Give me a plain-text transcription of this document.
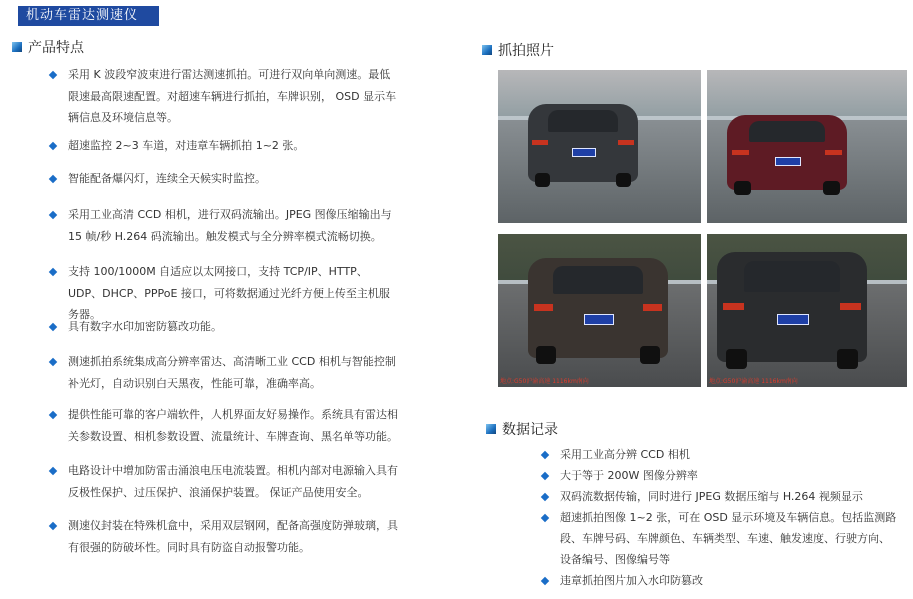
机动车雷达测速仪
产品特点
采用 K 波段窄波束进行雷达测速抓拍。可进行双向单向测速。最低限速最高限速配置。对超速车辆进行抓拍，车牌识别， OSD 显示车辆信息及环境信息等。
超速监控 2~3 车道，对违章车辆抓拍 1~2 张。
智能配备爆闪灯，连续全天候实时监控。
采用工业高清 CCD 相机，进行双码流输出。JPEG 图像压缩输出与 15 帧/秒 H.264 码流输出。触发模式与全分辨率模式流畅切换。
支持 100/1000M 自适应以太网接口，支持 TCP/IP、HTTP、UDP、DHCP、PPPoE 接口，可将数据通过光纤方便上传至主机服务器。
具有数字水印加密防篡改功能。
测速抓拍系统集成高分辨率雷达、高清晰工业 CCD 相机与智能控制补光灯，自动识别白天黑夜，性能可靠，准确率高。
提供性能可靠的客户端软件，人机界面友好易操作。系统具有雷达相关参数设置、相机参数设置、流量统计、车牌查询、黑名单等功能。
电路设计中增加防雷击涌浪电压电流装置。相机内部对电源输入具有反极性保护、过压保护、浪涌保护装置。 保证产品使用安全。
测速仪封装在特殊机盒中，采用双层钢网，配备高强度防弹玻璃，具有很强的防破坏性。同时具有防盗自动报警功能。
抓拍照片
地点:G50沪渝高速 1116km南向	地点:G50沪渝高速 1116km南向
数据记录
采用工业高分辨 CCD 相机
大于等于 200W 图像分辨率
双码流数据传输，同时进行 JPEG 数据压缩与 H.264 视频显示
超速抓拍图像 1~2 张，可在 OSD 显示环境及车辆信息。包括监测路段、车牌号码、车牌颜色、车辆类型、车速、触发速度、行驶方向、设备编号、图像编号等
违章抓拍图片加入水印防篡改
